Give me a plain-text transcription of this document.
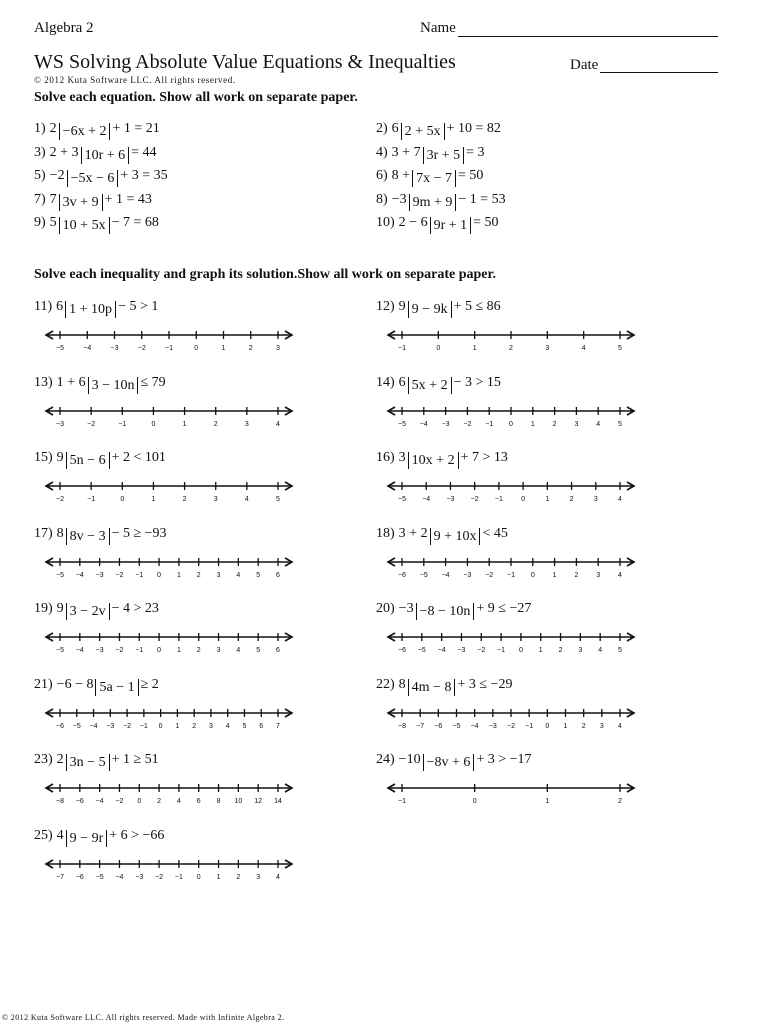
Algebra 2	Name
WS Solving Absolute Value Equations & Inequalties	Date
© 2012 Kuta Software LLC. All rights reserved.
Solve each equation. Show all work on separate paper.
1) 2 −6x + 2 + 1 = 21	2) 6 2 + 5x + 10 = 82
3) 2 + 3 10r + 6 = 44	4) 3 + 7 3r + 5 = 3
5) −2 −5x − 6 + 3 = 35	6) 8 + 7x − 7 = 50
7) 7 3v + 9 + 1 = 43	8) −3 9m + 9 − 1 = 53
9) 5 10 + 5x − 7 = 68	10) 2 − 6 9r + 1 = 50
Solve each inequality and graph its solution.Show all work on separate paper.
11) 6 1 + 10p − 5 > 1
−5	−4	−3	−2	−1	0	1	2	3
12) 9 9 − 9k + 5 ≤ 86
−1	0	1	2	3	4	5
13) 1 + 6 3 − 10n ≤ 79
−3	−2	−1	0	1	2	3	4
14) 6 5x + 2 − 3 > 15
−5 −4 −3 −2 −1 0	1	2	3	4	5
15) 9 5n − 6 + 2 < 101
−2	−1	0	1	2	3	4	5
16) 3 10x + 2 + 7 > 13
−5 −4 −3 −2 −1	0	1	2	3	4
17) 8 8v − 3 − 5 ≥ −93
−5 −4 −3 −2 −1 0 1 2 3 4 5 6
18) 3 + 2 9 + 10x < 45
−6 −5 −4 −3 −2 −1 0	1	2	3	4
19) 9 3 − 2v − 4 > 23
−5 −4 −3 −2 −1 0 1 2 3 4 5 6
20) −3 −8 − 10n + 9 ≤ −27
−6 −5 −4 −3 −2 −1 0 1 2 3 4 5
21) −6 − 8 5a − 1 ≥ 2
−6 −5 −4 −3 −2 −1 0 1 2 3 4 5 6 7
22) 8 4m − 8 + 3 ≤ −29
−8 −7 −6 −5 −4 −3 −2 −1 0 1 2 3 4
23) 2 3n − 5 + 1 ≥ 51
−8 −6 −4 −2 0 2 4 6 8 10 12 14
24) −10 −8v + 6 + 3 > −17
−1	0	1	2
25) 4 9 − 9r + 6 > −66
−7 −6 −5 −4 −3 −2 −1 0 1 2 3 4
© 2012 Kuta Software LLC. All rights reserved. Made with Infinite Algebra 2.
